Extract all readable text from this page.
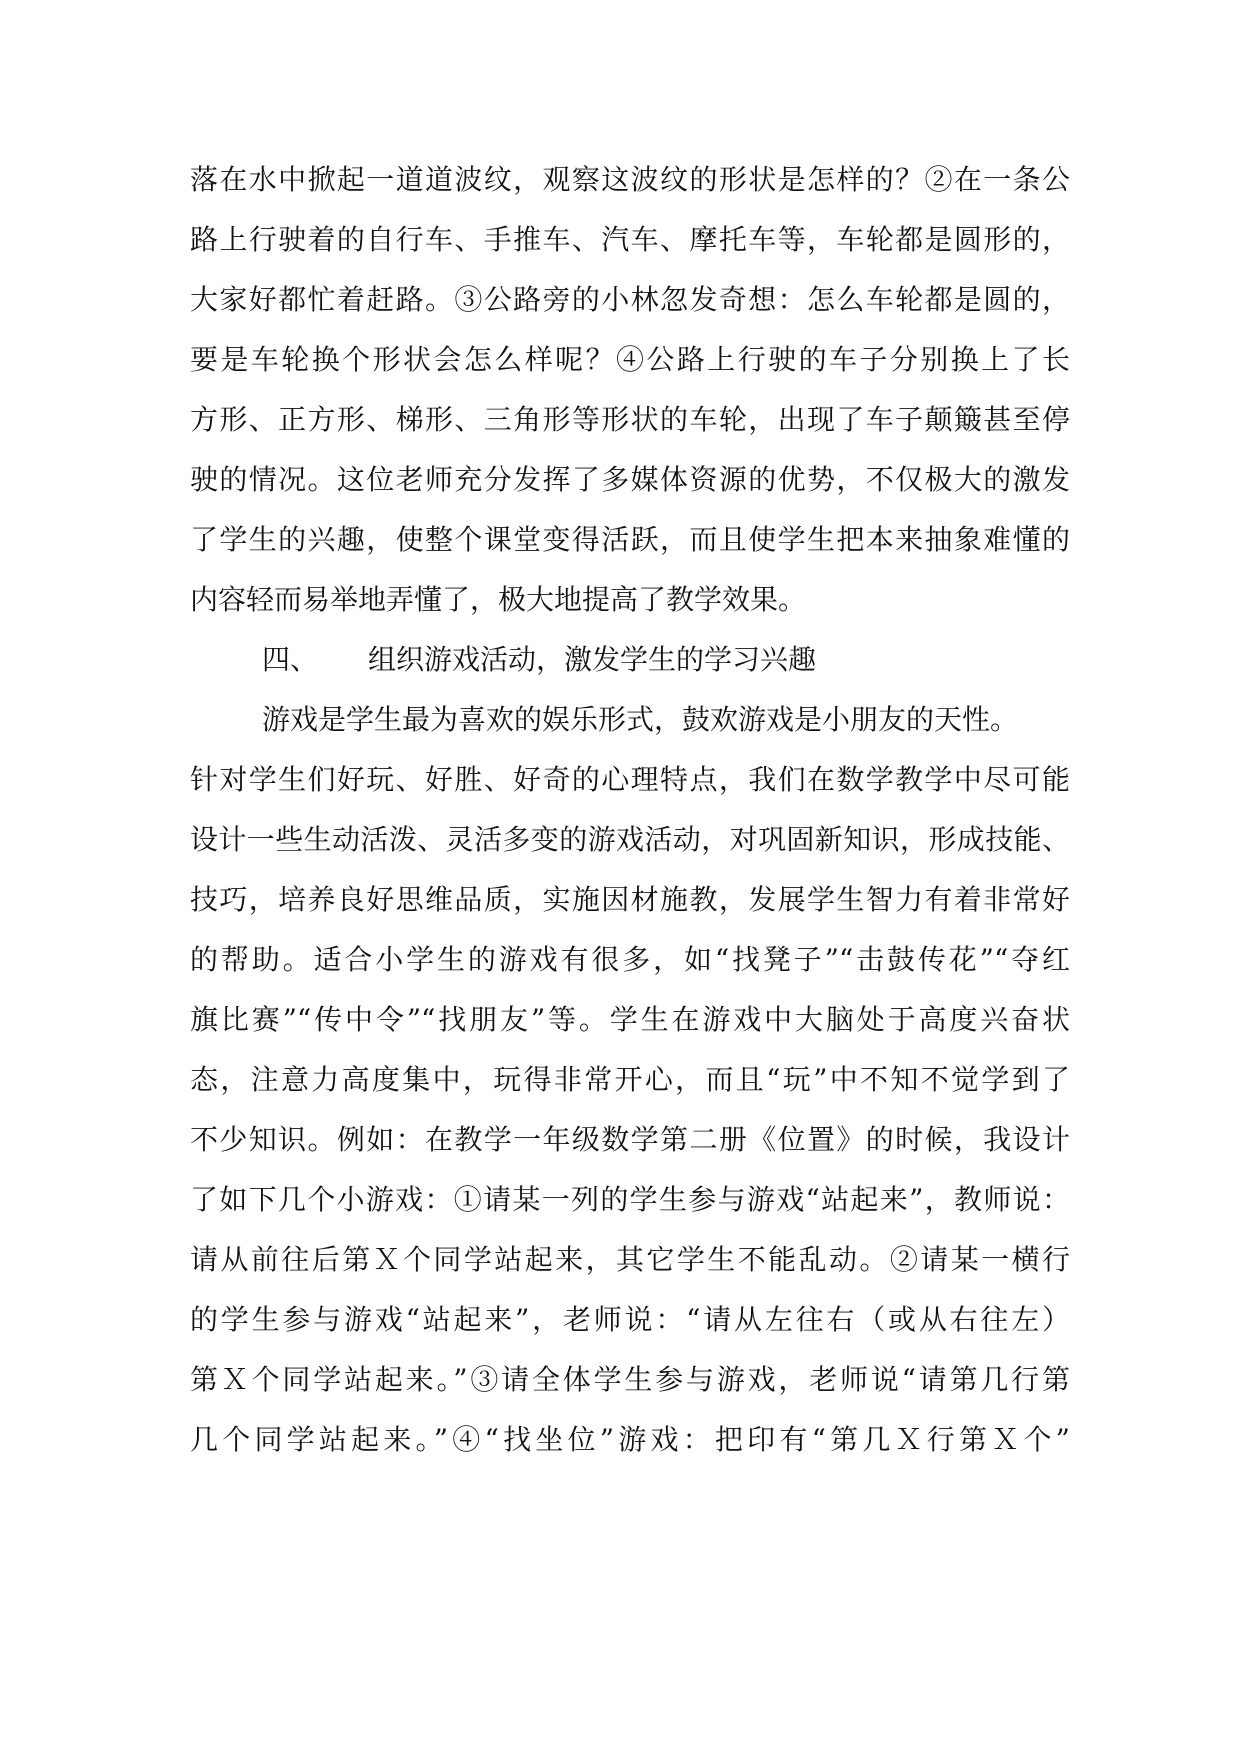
落在水中掀起一道道波纹，观察这波纹的形状是怎样的？②在一条公
路上行驶着的自行车、手推车、汽车、摩托车等，车轮都是圆形的，
大家好都忙着赶路。③公路旁的小林忽发奇想：怎么车轮都是圆的，
要是车轮换个形状会怎么样呢？④公路上行驶的车子分别换上了长
方形、正方形、梯形、三角形等形状的车轮，出现了车子颠簸甚至停
驶的情况。这位老师充分发挥了多媒体资源的优势，不仅极大的激发
了学生的兴趣，使整个课堂变得活跃，而且使学生把本来抽象难懂的
内容轻而易举地弄懂了，极大地提高了教学效果。
四、	组织游戏活动，激发学生的学习兴趣
游戏是学生最为喜欢的娱乐形式，鼓欢游戏是小朋友的天性。
针对学生们好玩、好胜、好奇的心理特点，我们在数学教学中尽可能
设计一些生动活泼、灵活多变的游戏活动，对巩固新知识，形成技能、
技巧，培养良好思维品质，实施因材施教，发展学生智力有着非常好
的帮助。适合小学生的游戏有很多，如“找凳子”“击鼓传花”“夺红
旗比赛”“传中令”“找朋友”等。学生在游戏中大脑处于高度兴奋状
态，注意力高度集中，玩得非常开心，而且“玩”中不知不觉学到了
不少知识。例如：在教学一年级数学第二册《位置》的时候，我设计
了如下几个小游戏：①请某一列的学生参与游戏“站起来”，教师说：
请从前往后第Ｘ个同学站起来，其它学生不能乱动。②请某一横行
的学生参与游戏“站起来”，老师说：“请从左往右（或从右往左）
第Ｘ个同学站起来。”③请全体学生参与游戏，老师说“请第几行第
几个同学站起来。”④“找坐位”游戏：把印有“第几Ｘ行第Ｘ个”
